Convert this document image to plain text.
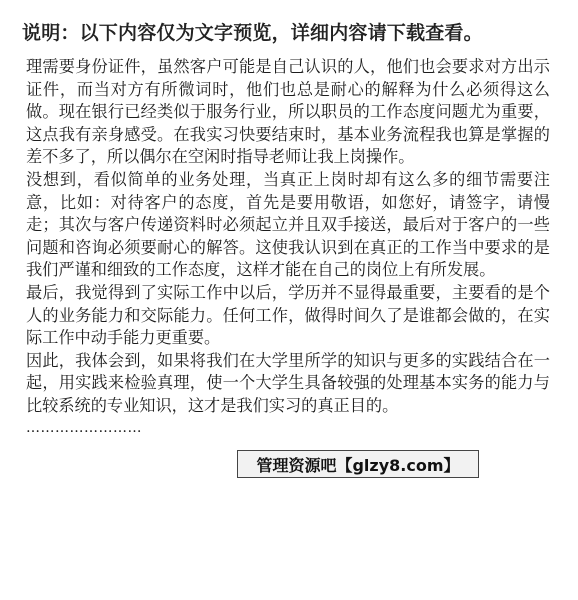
说明：以下内容仅为文字预览，详细内容请下载查看。

理需要身份证件，虽然客户可能是自己认识的人，他们也会要求对方出示证件，而当对方有所微词时，他们也总是耐心的解释为什么必须得这么做。现在银行已经类似于服务行业，所以职员的工作态度问题尤为重要，这点我有亲身感受。在我实习快要结束时，基本业务流程我也算是掌握的差不多了，所以偶尔在空闲时指导老师让我上岗操作。

没想到，看似简单的业务处理，当真正上岗时却有这么多的细节需要注意，比如：对待客户的态度，首先是要用敬语，如您好，请签字，请慢走；其次与客户传递资料时必须起立并且双手接送，最后对于客户的一些问题和咨询必须要耐心的解答。这使我认识到在真正的工作当中要求的是我们严谨和细致的工作态度，这样才能在自己的岗位上有所发展。

最后，我觉得到了实际工作中以后，学历并不显得最重要，主要看的是个人的业务能力和交际能力。任何工作，做得时间久了是谁都会做的，在实际工作中动手能力更重要。

因此，我体会到，如果将我们在大学里所学的知识与更多的实践结合在一起，用实践来检验真理，使一个大学生具备较强的处理基本实务的能力与比较系统的专业知识，这才是我们实习的真正目的。

……………………
管理资源吧【glzy8.com】
